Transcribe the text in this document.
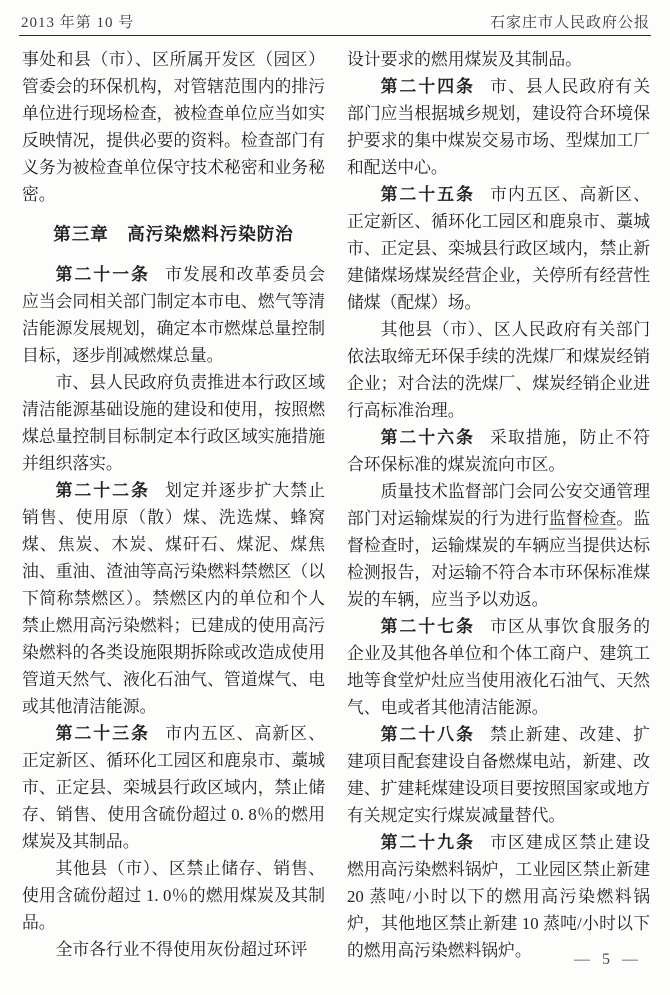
2013 年第 10 号	石家庄市人民政府公报

事处和县（市）、区所属开发区（园区）管委会的环保机构，对管辖范围内的排污单位进行现场检查，被检查单位应当如实反映情况，提供必要的资料。检查部门有义务为被检查单位保守技术秘密和业务秘密。

第三章　高污染燃料污染防治

第二十一条 市发展和改革委员会应当会同相关部门制定本市电、燃气等清洁能源发展规划，确定本市燃煤总量控制目标，逐步削减燃煤总量。

市、县人民政府负责推进本行政区域清洁能源基础设施的建设和使用，按照燃煤总量控制目标制定本行政区域实施措施并组织落实。

第二十二条 划定并逐步扩大禁止销售、使用原（散）煤、洗选煤、蜂窝煤、焦炭、木炭、煤矸石、煤泥、煤焦油、重油、渣油等高污染燃料禁燃区（以下简称禁燃区）。禁燃区内的单位和个人禁止燃用高污染燃料；已建成的使用高污染燃料的各类设施限期拆除或改造成使用管道天然气、液化石油气、管道煤气、电或其他清洁能源。

第二十三条 市内五区、高新区、正定新区、循环化工园区和鹿泉市、藁城市、正定县、栾城县行政区域内，禁止储存、销售、使用含硫份超过 0. 8％的燃用煤炭及其制品。

其他县（市）、区禁止储存、销售、使用含硫份超过 1. 0％的燃用煤炭及其制品。

全市各行业不得使用灰份超过环评

设计要求的燃用煤炭及其制品。

第二十四条 市、县人民政府有关部门应当根据城乡规划，建设符合环境保护要求的集中煤炭交易市场、型煤加工厂和配送中心。

第二十五条 市内五区、高新区、正定新区、循环化工园区和鹿泉市、藁城市、正定县、栾城县行政区域内，禁止新建储煤场煤炭经营企业，关停所有经营性储煤（配煤）场。

其他县（市）、区人民政府有关部门依法取缔无环保手续的洗煤厂和煤炭经销企业；对合法的洗煤厂、煤炭经销企业进行高标准治理。

第二十六条 采取措施，防止不符合环保标准的煤炭流向市区。

质量技术监督部门会同公安交通管理部门对运输煤炭的行为进行监督检查。监督检查时，运输煤炭的车辆应当提供达标检测报告，对运输不符合本市环保标准煤炭的车辆，应当予以劝返。

第二十七条 市区从事饮食服务的企业及其他各单位和个体工商户、建筑工地等食堂炉灶应当使用液化石油气、天然气、电或者其他清洁能源。

第二十八条 禁止新建、改建、扩建项目配套建设自备燃煤电站，新建、改建、扩建耗煤建设项目要按照国家或地方有关规定实行煤炭减量替代。

第二十九条 市区建成区禁止建设燃用高污染燃料锅炉，工业园区禁止新建 20 蒸吨/小时以下的燃用高污染燃料锅炉，其他地区禁止新建 10 蒸吨/小时以下的燃用高污染燃料锅炉。	— 5 —
